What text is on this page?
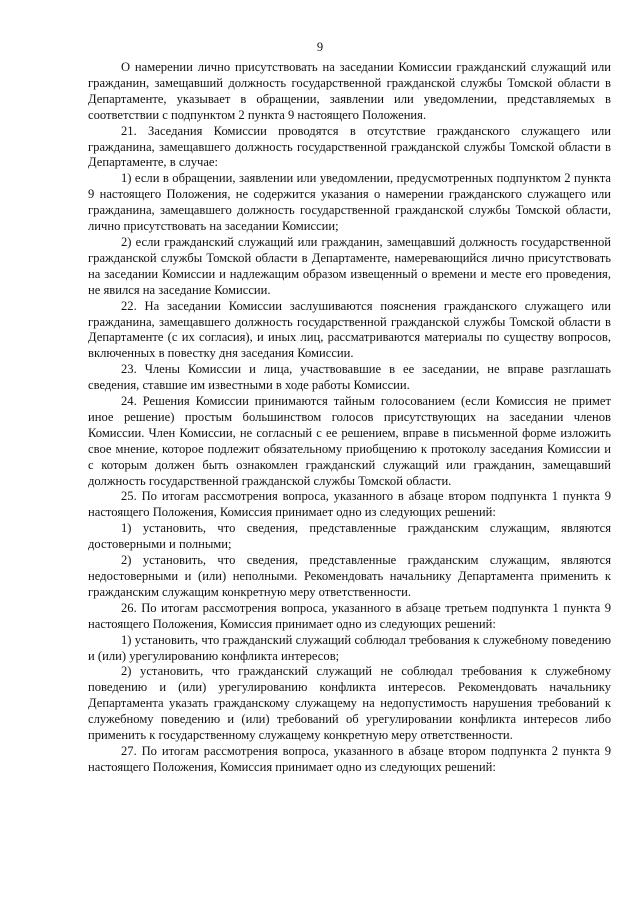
9

О намерении лично присутствовать на заседании Комиссии гражданский служащий или гражданин, замещавший должность государственной гражданской службы Томской области в Департаменте, указывает в обращении, заявлении или уведомлении, представляемых в соответствии с подпунктом 2 пункта 9 настоящего Положения.

21. Заседания Комиссии проводятся в отсутствие гражданского служащего или гражданина, замещавшего должность государственной гражданской службы Томской области в Департаменте, в случае:

1) если в обращении, заявлении или уведомлении, предусмотренных подпунктом 2 пункта 9 настоящего Положения, не содержится указания о намерении гражданского служащего или гражданина, замещавшего должность государственной гражданской службы Томской области, лично присутствовать на заседании Комиссии;

2) если гражданский служащий или гражданин, замещавший должность государственной гражданской службы Томской области в Департаменте, намеревающийся лично присутствовать на заседании Комиссии и надлежащим образом извещенный о времени и месте его проведения, не явился на заседание Комиссии.

22. На заседании Комиссии заслушиваются пояснения гражданского служащего или гражданина, замещавшего должность государственной гражданской службы Томской области в Департаменте (с их согласия), и иных лиц, рассматриваются материалы по существу вопросов, включенных в повестку дня заседания Комиссии.

23. Члены Комиссии и лица, участвовавшие в ее заседании, не вправе разглашать сведения, ставшие им известными в ходе работы Комиссии.

24. Решения Комиссии принимаются тайным голосованием (если Комиссия не примет иное решение) простым большинством голосов присутствующих на заседании членов Комиссии. Член Комиссии, не согласный с ее решением, вправе в письменной форме изложить свое мнение, которое подлежит обязательному приобщению к протоколу заседания Комиссии и с которым должен быть ознакомлен гражданский служащий или гражданин, замещавший должность государственной гражданской службы Томской области.

25. По итогам рассмотрения вопроса, указанного в абзаце втором подпункта 1 пункта 9 настоящего Положения, Комиссия принимает одно из следующих решений:

1) установить, что сведения, представленные гражданским служащим, являются достоверными и полными;

2) установить, что сведения, представленные гражданским служащим, являются недостоверными и (или) неполными. Рекомендовать начальнику Департамента применить к гражданским служащим конкретную меру ответственности.

26. По итогам рассмотрения вопроса, указанного в абзаце третьем подпункта 1 пункта 9 настоящего Положения, Комиссия принимает одно из следующих решений:

1) установить, что гражданский служащий соблюдал требования к служебному поведению и (или) урегулированию конфликта интересов;

2) установить, что гражданский служащий не соблюдал требования к служебному поведению и (или) урегулированию конфликта интересов. Рекомендовать начальнику Департамента указать гражданскому служащему на недопустимость нарушения требований к служебному поведению и (или) требований об урегулировании конфликта интересов либо применить к государственному служащему конкретную меру ответственности.

27. По итогам рассмотрения вопроса, указанного в абзаце втором подпункта 2 пункта 9 настоящего Положения, Комиссия принимает одно из следующих решений:
